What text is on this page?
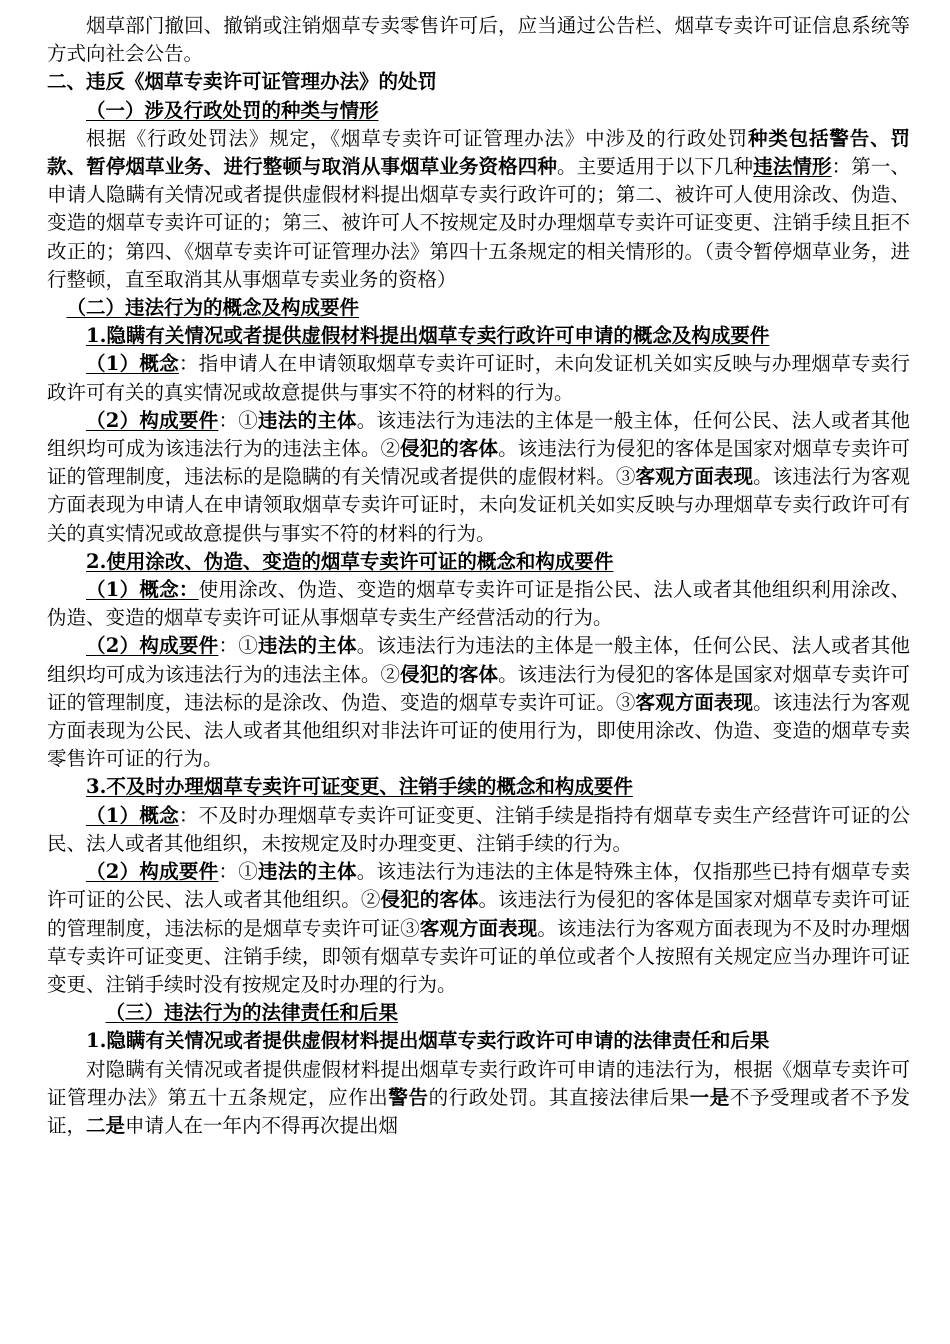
烟草部门撤回、撤销或注销烟草专卖零售许可后，应当通过公告栏、烟草专卖许可证信息系统等方式向社会公告。

二、违反《烟草专卖许可证管理办法》的处罚

（一）涉及行政处罚的种类与情形

根据《行政处罚法》规定，《烟草专卖许可证管理办法》中涉及的行政处罚种类包括警告、罚款、暂停烟草业务、进行整顿与取消从事烟草业务资格四种。主要适用于以下几种违法情形：第一、申请人隐瞒有关情况或者提供虚假材料提出烟草专卖行政许可的；第二、被许可人使用涂改、伪造、变造的烟草专卖许可证的；第三、被许可人不按规定及时办理烟草专卖许可证变更、注销手续且拒不改正的；第四、《烟草专卖许可证管理办法》第四十五条规定的相关情形的。（责令暂停烟草业务，进行整顿，直至取消其从事烟草专卖业务的资格）

（二）违法行为的概念及构成要件

1.隐瞒有关情况或者提供虚假材料提出烟草专卖行政许可申请的概念及构成要件

（1）概念：指申请人在申请领取烟草专卖许可证时，未向发证机关如实反映与办理烟草专卖行政许可有关的真实情况或故意提供与事实不符的材料的行为。

（2）构成要件：①违法的主体。该违法行为违法的主体是一般主体，任何公民、法人或者其他组织均可成为该违法行为的违法主体。②侵犯的客体。该违法行为侵犯的客体是国家对烟草专卖许可证的管理制度，违法标的是隐瞒的有关情况或者提供的虚假材料。③客观方面表现。该违法行为客观方面表现为申请人在申请领取烟草专卖许可证时，未向发证机关如实反映与办理烟草专卖行政许可有关的真实情况或故意提供与事实不符的材料的行为。

2.使用涂改、伪造、变造的烟草专卖许可证的概念和构成要件

（1）概念：使用涂改、伪造、变造的烟草专卖许可证是指公民、法人或者其他组织利用涂改、伪造、变造的烟草专卖许可证从事烟草专卖生产经营活动的行为。

（2）构成要件：①违法的主体。该违法行为违法的主体是一般主体，任何公民、法人或者其他组织均可成为该违法行为的违法主体。②侵犯的客体。该违法行为侵犯的客体是国家对烟草专卖许可证的管理制度，违法标的是涂改、伪造、变造的烟草专卖许可证。③客观方面表现。该违法行为客观方面表现为公民、法人或者其他组织对非法许可证的使用行为，即使用涂改、伪造、变造的烟草专卖零售许可证的行为。

3.不及时办理烟草专卖许可证变更、注销手续的概念和构成要件

（1）概念：不及时办理烟草专卖许可证变更、注销手续是指持有烟草专卖生产经营许可证的公民、法人或者其他组织，未按规定及时办理变更、注销手续的行为。

（2）构成要件：①违法的主体。该违法行为违法的主体是特殊主体，仅指那些已持有烟草专卖许可证的公民、法人或者其他组织。②侵犯的客体。该违法行为侵犯的客体是国家对烟草专卖许可证的管理制度，违法标的是烟草专卖许可证③客观方面表现。该违法行为客观方面表现为不及时办理烟草专卖许可证变更、注销手续，即领有烟草专卖许可证的单位或者个人按照有关规定应当办理许可证变更、注销手续时没有按规定及时办理的行为。

（三）违法行为的法律责任和后果

1.隐瞒有关情况或者提供虚假材料提出烟草专卖行政许可申请的法律责任和后果

对隐瞒有关情况或者提供虚假材料提出烟草专卖行政许可申请的违法行为，根据《烟草专卖许可证管理办法》第五十五条规定，应作出警告的行政处罚。其直接法律后果一是不予受理或者不予发证，二是申请人在一年内不得再次提出烟
